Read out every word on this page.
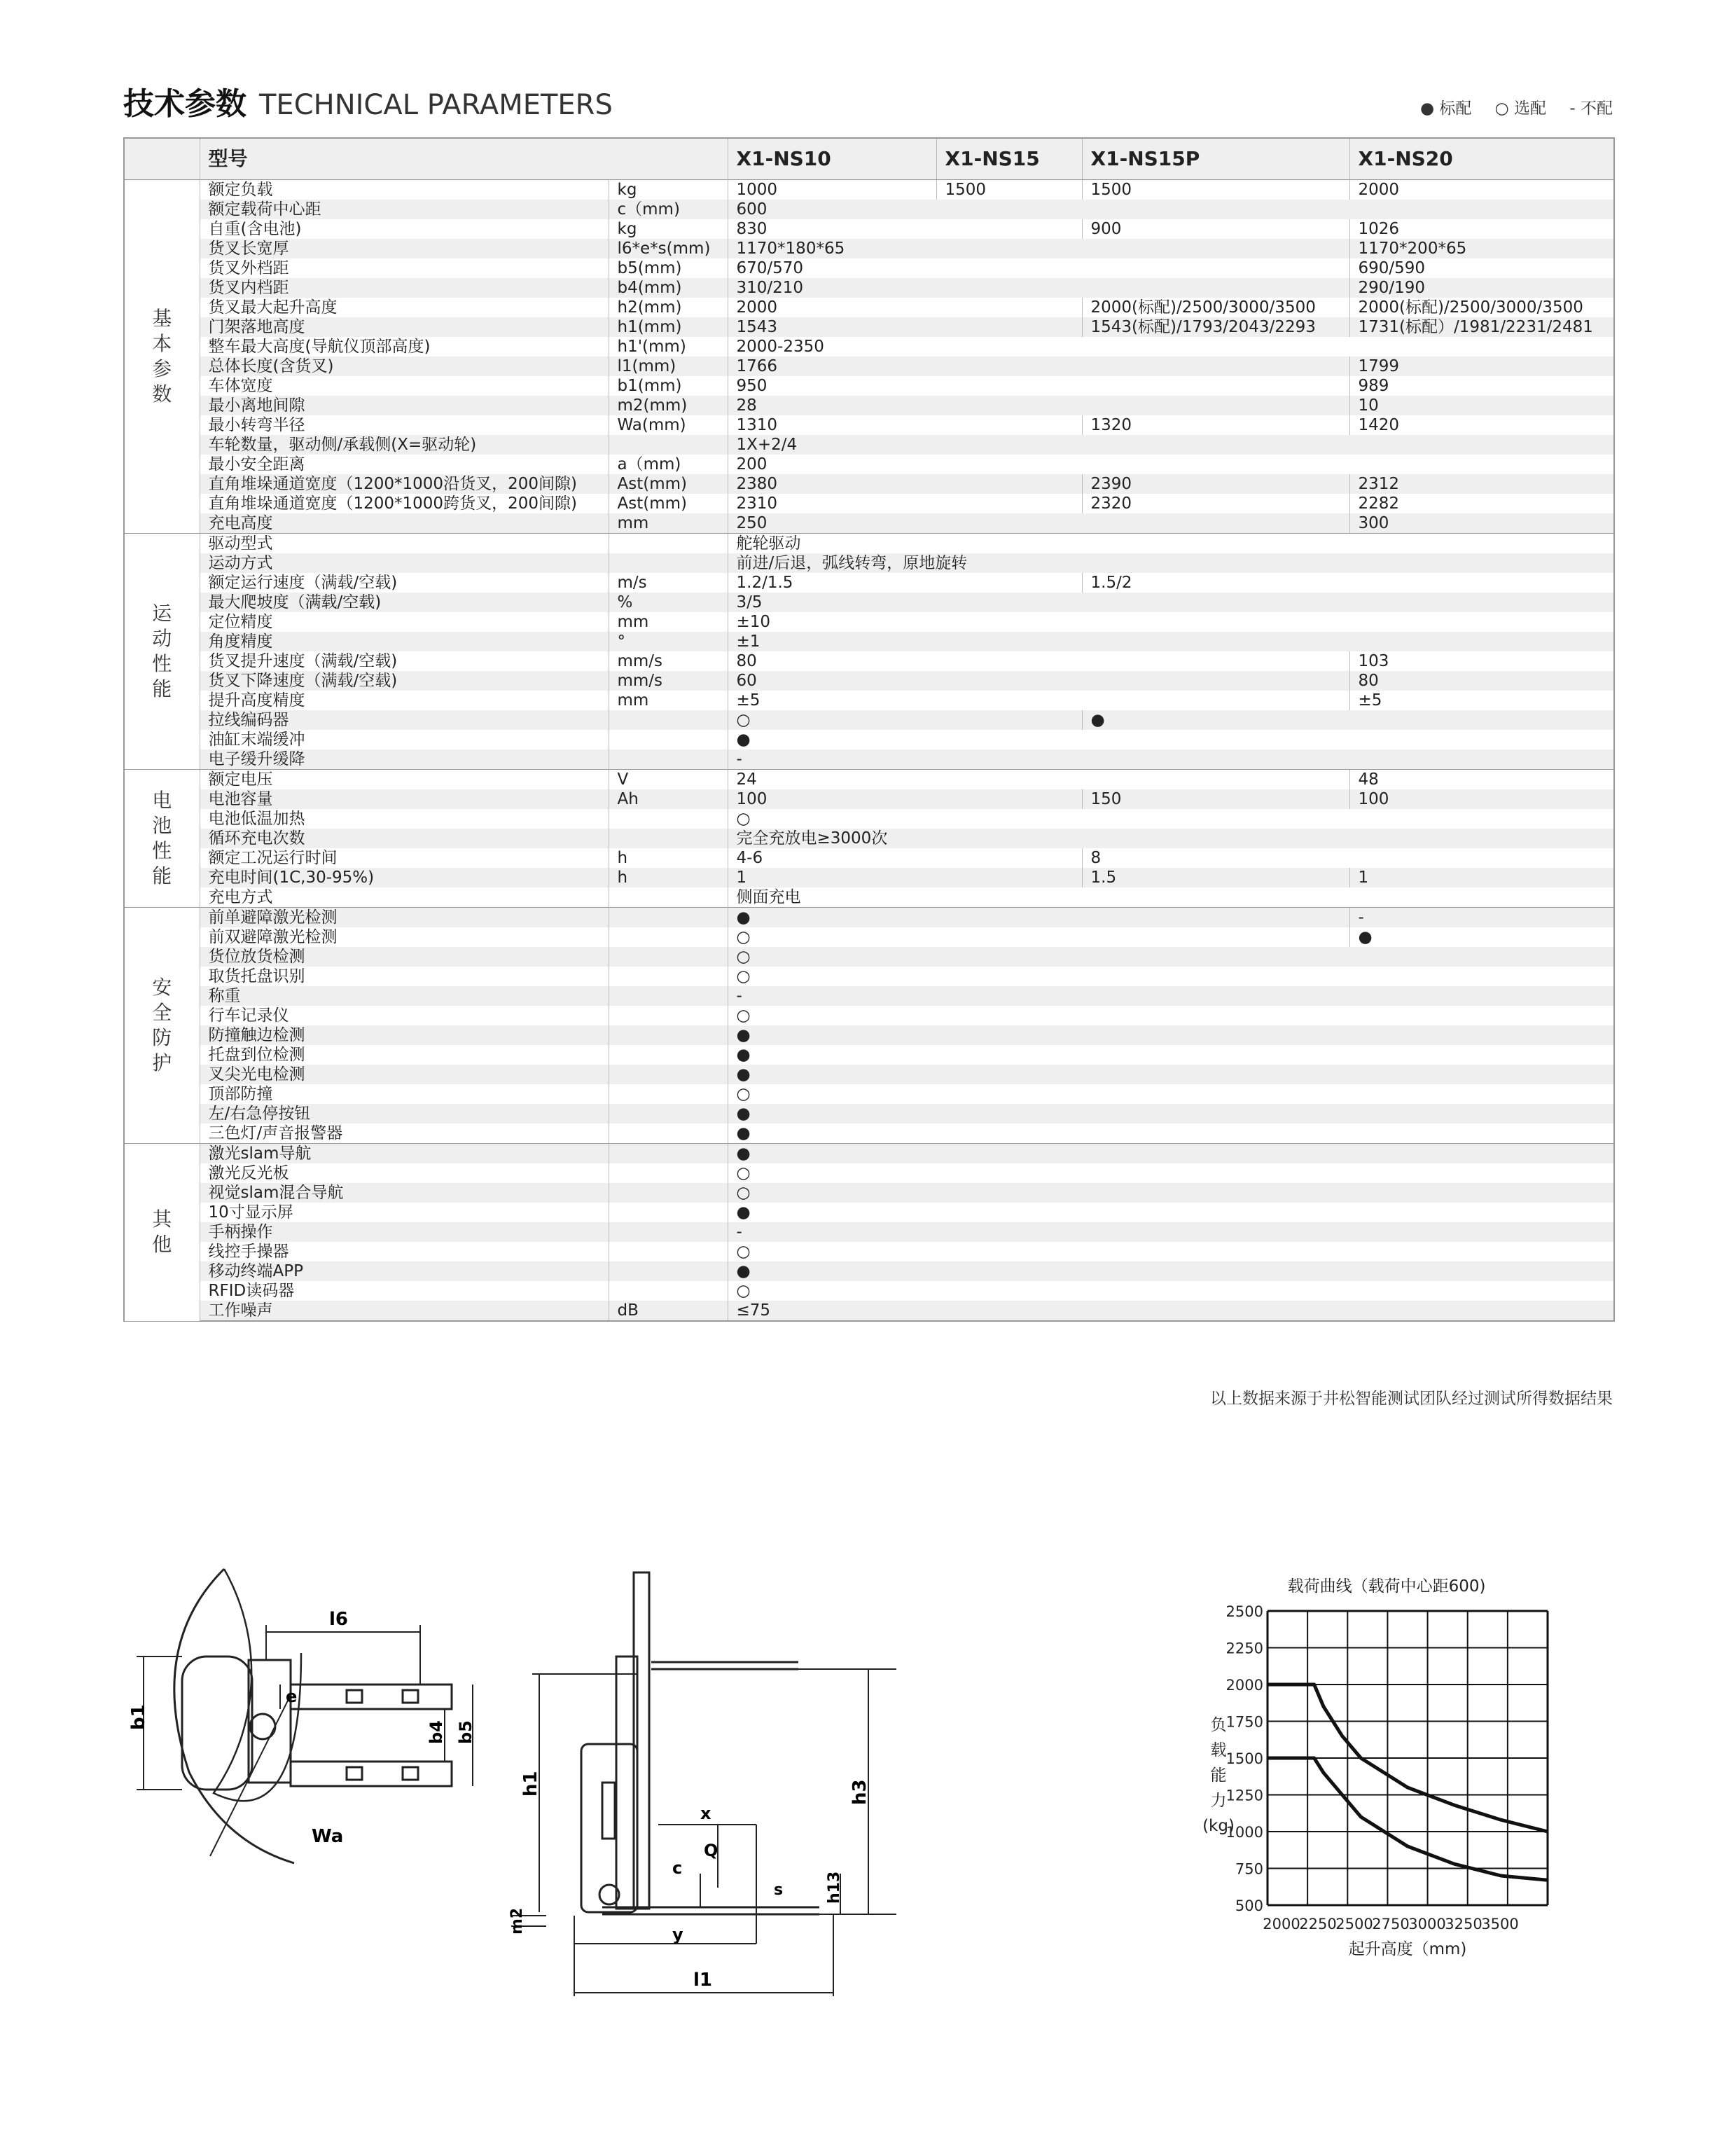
技术参数 TECHNICAL PARAMETERS	● 标配 ○ 选配 - 不配
	型号		X1-NS10	X1-NS15	X1-NS15P	X1-NS20
基本参数	额定负载	kg	1000	1500	1500	2000
	额定载荷中心距	c（mm)	600			
	自重(含电池)	kg	830		900	1026
	货叉长宽厚	l6*e*s(mm)	1170*180*65			1170*200*65
	货叉外档距	b5(mm)	670/570			690/590
	货叉内档距	b4(mm)	310/210			290/190
	货叉最大起升高度	h2(mm)	2000		2000(标配)/2500/3000/3500	2000(标配)/2500/3000/3500
	门架落地高度	h1(mm)	1543		1543(标配)/1793/2043/2293	1731(标配）/1981/2231/2481
	整车最大高度(导航仪顶部高度)	h1'(mm)	2000-2350			
	总体长度(含货叉)	l1(mm)	1766			1799
	车体宽度	b1(mm)	950			989
	最小离地间隙	m2(mm)	28			10
	最小转弯半径	Wa(mm)	1310		1320	1420
	车轮数量，驱动侧/承载侧(X=驱动轮)		1X+2/4			
	最小安全距离	a（mm)	200			
	直角堆垛通道宽度（1200*1000沿货叉，200间隙)	Ast(mm)	2380		2390	2312
	直角堆垛通道宽度（1200*1000跨货叉，200间隙)	Ast(mm)	2310		2320	2282
	充电高度	mm	250			300
运动性能	驱动型式		舵轮驱动			
	运动方式		前进/后退，弧线转弯，原地旋转			
	额定运行速度（满载/空载)	m/s	1.2/1.5		1.5/2	
	最大爬坡度（满载/空载)	%	3/5			
	定位精度	mm	±10			
	角度精度	°	±1			
	货叉提升速度（满载/空载)	mm/s	80			103
	货叉下降速度（满载/空载)	mm/s	60			80
	提升高度精度	mm	±5			±5
	拉线编码器		○		●	
	油缸末端缓冲		●			
	电子缓升缓降		-			
电池性能	额定电压	V	24			48
	电池容量	Ah	100		150	100
	电池低温加热		○			
	循环充电次数		完全充放电≥3000次			
	额定工况运行时间	h	4-6		8	
	充电时间(1C,30-95%)	h	1		1.5	1
	充电方式		侧面充电			
安全防护	前单避障激光检测		●			-
	前双避障激光检测		○			●
	货位放货检测		○			
	取货托盘识别		○			
	称重		-			
	行车记录仪		○			
	防撞触边检测		●			
	托盘到位检测		●			
	叉尖光电检测		●			
	顶部防撞		○			
	左/右急停按钮		●			
	三色灯/声音报警器		●			
其他	激光slam导航		●			
	激光反光板		○			
	视觉slam混合导航		○			
	10寸显示屏		●			
	手柄操作		-			
	线控手操器		○			
	移动终端APP		●			
	RFID读码器		○			
	工作噪声	dB	≤75			
以上数据来源于井松智能测试团队经过测试所得数据结果
b1
l6
e
b4 b5
Wa
h1	h3
h13
x
Q
c
s
y
m2
l1
载荷曲线（载荷中心距600)
起升高度（mm)
负载能力(kg)
2500
2250
2000
1750
1500
1250
1000
750
500
2000
2250
2500
2750
3000
3250
3500
